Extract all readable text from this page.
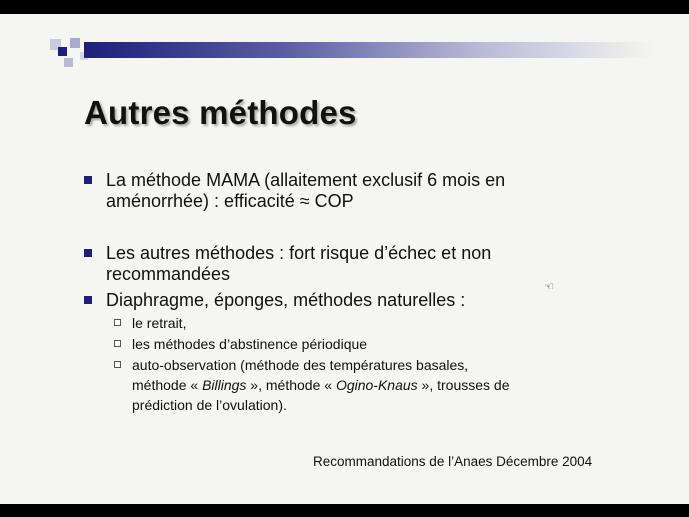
Autres méthodes
La méthode MAMA (allaitement exclusif 6 mois en
aménorrhée) : efficacité ≈ COP
Les autres méthodes : fort risque d’échec et non
recommandées
Diaphragme, éponges, méthodes naturelles :
le retrait,
les méthodes d’abstinence périodique
auto-observation (méthode des températures basales,
méthode « Billings », méthode « Ogino-Knaus », trousses de
prédiction de l’ovulation).
Recommandations de l’Anaes Décembre 2004
☜
